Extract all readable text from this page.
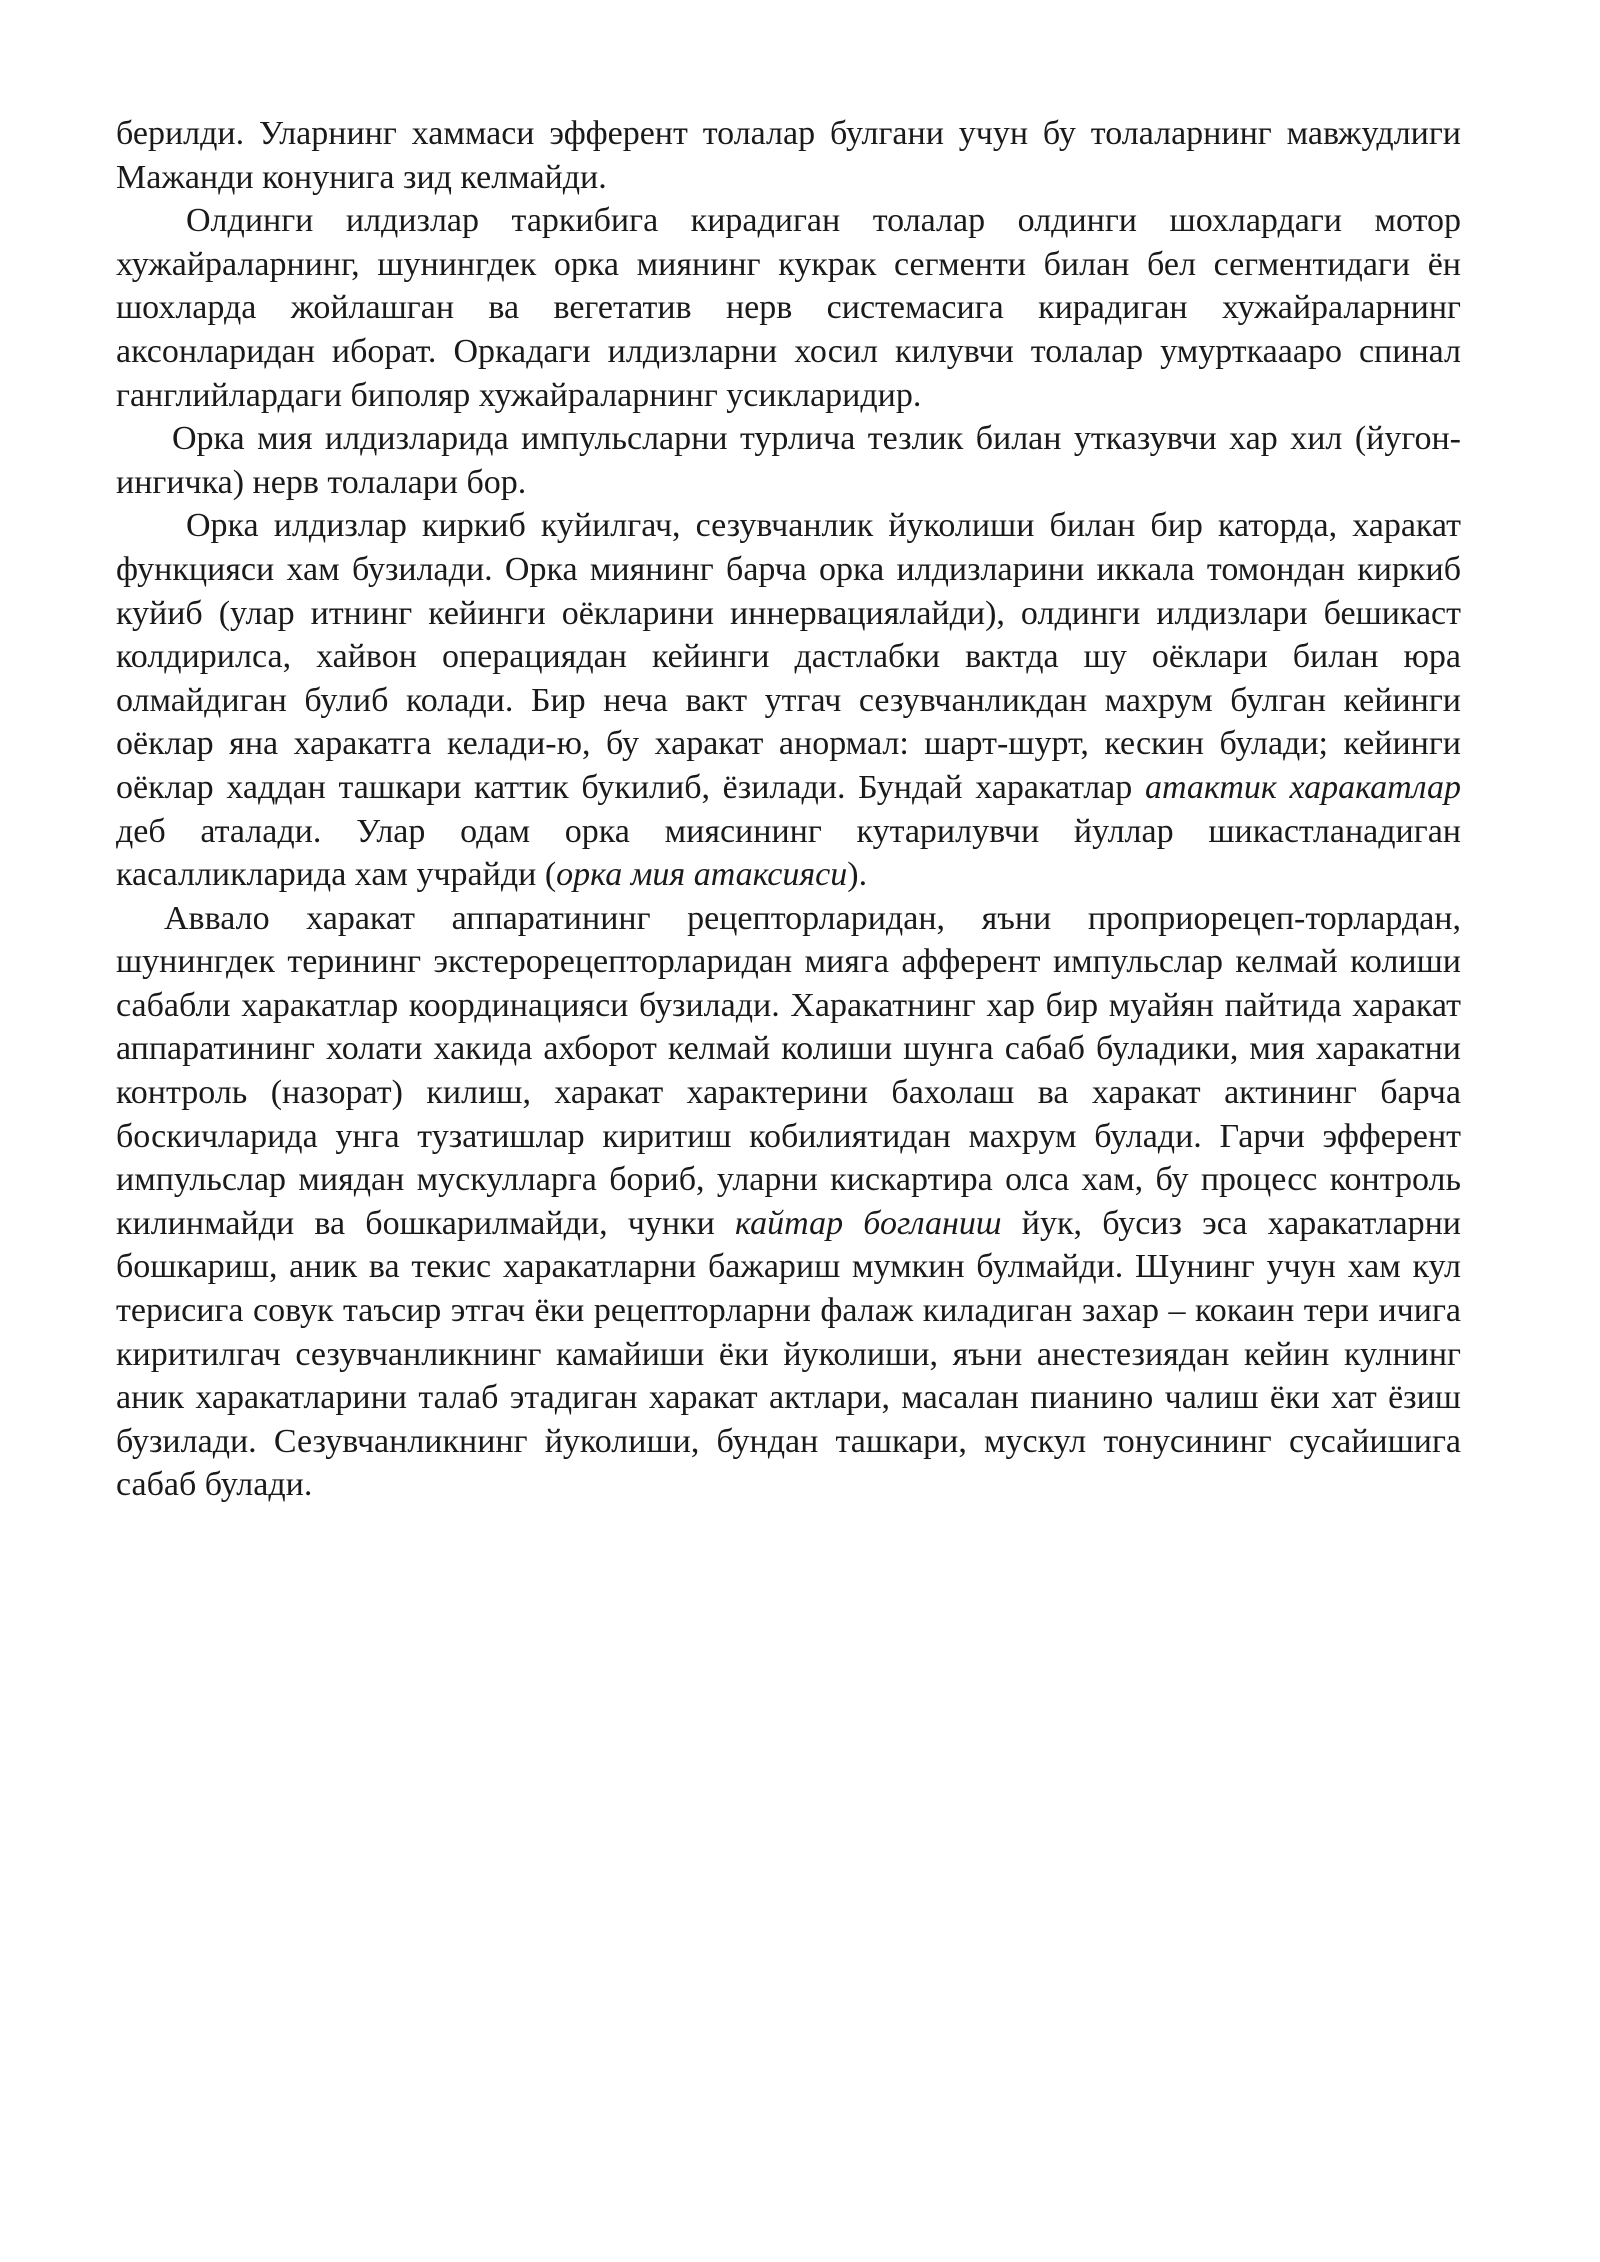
берилди. Уларнинг хаммаси эфферент толалар булгани учун бу толаларнинг мавжудлиги Мажанди конунига зид келмайди.

Олдинги илдизлар таркибига кирадиган толалар олдинги шохлардаги мотор хужайраларнинг, шунингдек орка миянинг кукрак сегменти билан бел сегментидаги ён шохларда жойлашган ва вегетатив нерв системасига кирадиган хужайраларнинг аксонларидан иборат. Оркадаги илдизларни хосил килувчи толалар умурткаааро спинал ганглийлардаги биполяр хужайраларнинг усикларидир.

Орка мия илдизларида импульсларни турлича тезлик билан утказувчи хар хил (йугон-ингичка) нерв толалари бор.

Орка илдизлар киркиб куйилгач, сезувчанлик йуколиши билан бир каторда, харакат функцияси хам бузилади. Орка миянинг барча орка илдизларини иккала томондан киркиб куйиб (улар итнинг кейинги оёкларини иннервациялайди), олдинги илдизлари бешикаст колдирилса, хайвон операциядан кейинги дастлабки вактда шу оёклари билан юра олмайдиган булиб колади. Бир неча вакт утгач сезувчанликдан махрум булган кейинги оёклар яна харакатга келади-ю, бу харакат анормал: шарт-шурт, кескин булади; кейинги оёклар хаддан ташкари каттик букилиб, ёзилади. Бундай харакатлар атактик харакатлар деб аталади. Улар одам орка миясининг кутарилувчи йуллар шикастланадиган касалликларида хам учрайди (орка мия атаксияси).

Аввало харакат аппаратининг рецепторларидан, яъни проприорецеп-торлардан, шунингдек терининг экстерорецепторларидан мияга афферент импульслар келмай колиши сабабли харакатлар координацияси бузилади. Харакатнинг хар бир муайян пайтида харакат аппаратининг холати хакида ахборот келмай колиши шунга сабаб буладики, мия харакатни контроль (назорат) килиш, харакат характерини бахолаш ва харакат актининг барча боскичларида унга тузатишлар киритиш кобилиятидан махрум булади. Гарчи эфферент импульслар миядан мускулларга бориб, уларни кискартира олса хам, бу процесс контроль килинмайди ва бошкарилмайди, чунки кайтар богланиш йук, бусиз эса харакатларни бошкариш, аник ва текис харакатларни бажариш мумкин булмайди. Шунинг учун хам кул терисига совук таъсир этгач ёки рецепторларни фалаж киладиган захар – кокаин тери ичига киритилгач сезувчанликнинг камайиши ёки йуколиши, яъни анестезиядан кейин кулнинг аник харакатларини талаб этадиган харакат актлари, масалан пианино чалиш ёки хат ёзиш бузилади. Сезувчанликнинг йуколиши, бундан ташкари, мускул тонусининг сусайишига сабаб булади.
